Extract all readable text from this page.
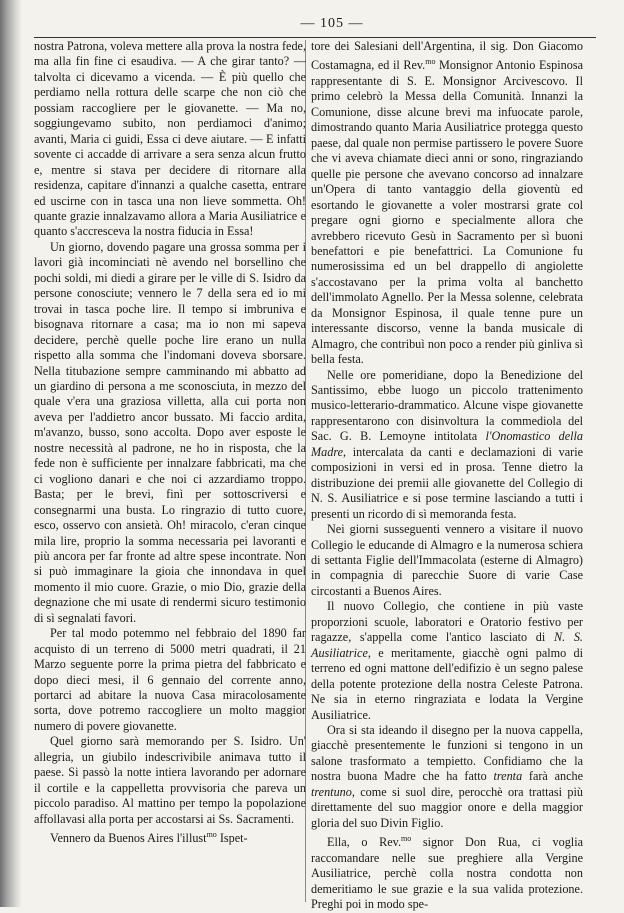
— 105 —

nostra Patrona, voleva mettere alla prova la nostra fede, ma alla fin fine ci esaudiva. — A che girar tanto? — talvolta ci dicevamo a vicenda. — È più quello che perdiamo nella rottura delle scarpe che non ciò che possiam raccogliere per le giovanette. — Ma no, soggiungevamo subito, non perdiamoci d'animo; avanti, Maria ci guidi, Essa ci deve aiutare. — E infatti sovente ci accadde di arrivare a sera senza alcun frutto e, mentre si stava per decidere di ritornare alla residenza, capitare d'innanzi a qualche casetta, entrare ed uscirne con in tasca una non lieve sommetta. Oh! quante grazie innalzavamo allora a Maria Ausiliatrice e quanto s'accresceva la nostra fiducia in Essa!

Un giorno, dovendo pagare una grossa somma per i lavori già incominciati nè avendo nel borsellino che pochi soldi, mi diedi a girare per le ville di S. Isidro da persone conosciute; vennero le 7 della sera ed io mi trovai in tasca poche lire. Il tempo si imbruniva e bisognava ritornare a casa; ma io non mi sapeva decidere, perchè quelle poche lire erano un nulla rispetto alla somma che l'indomani doveva sborsare. Nella titubazione sempre camminando mi abbatto ad un giardino di persona a me sconosciuta, in mezzo del quale v'era una graziosa villetta, alla cui porta non aveva per l'addietro ancor bussato. Mi faccio ardita, m'avanzo, busso, sono accolta. Dopo aver esposte le nostre necessità al padrone, ne ho in risposta, che la fede non è sufficiente per innalzare fabbricati, ma che ci vogliono danari e che noi ci azzardiamo troppo. Basta; per le brevi, finì per sottoscriversi e consegnarmi una busta. Lo ringrazio di tutto cuore, esco, osservo con ansietà. Oh! miracolo, c'eran cinque mila lire, proprio la somma necessaria pei lavoranti e più ancora per far fronte ad altre spese incontrate. Non si può immaginare la gioia che innondava in quel momento il mio cuore. Grazie, o mio Dio, grazie della degnazione che mi usate di rendermi sicuro testimonio di sì segnalati favori.

Per tal modo potemmo nel febbraio del 1890 far acquisto di un terreno di 5000 metri quadrati, il 21 Marzo seguente porre la prima pietra del fabbricato e dopo dieci mesi, il 6 gennaio del corrente anno, portarci ad abitare la nuova Casa miracolosamente sorta, dove potremo raccogliere un molto maggior numero di povere giovanette.

Quel giorno sarà memorando per S. Isidro. Un' allegria, un giubilo indescrivibile animava tutto il paese. Si passò la notte intiera lavorando per adornare il cortile e la cappelletta provvisoria che pareva un piccolo paradiso. Al mattino per tempo la popolazione affollavasi alla porta per accostarsi ai Ss. Sacramenti.

Vennero da Buenos Aires l'illust$^{mo}$ Ispet-

tore dei Salesiani dell'Argentina, il sig. Don Giacomo Costamagna, ed il Rev.$^{mo}$ Monsignor Antonio Espinosa rappresentante di S. E. Monsignor Arcivescovo. Il primo celebrò la Messa della Comunità. Innanzi la Comunione, disse alcune brevi ma infuocate parole, dimostrando quanto Maria Ausiliatrice protegga questo paese, dal quale non permise partissero le povere Suore che vi aveva chiamate dieci anni or sono, ringraziando quelle pie persone che avevano concorso ad innalzare un'Opera di tanto vantaggio della gioventù ed esortando le giovanette a voler mostrarsi grate col pregare ogni giorno e specialmente allora che avrebbero ricevuto Gesù in Sacramento per sì buoni benefattori e pie benefattrici. La Comunione fu numerosissima ed un bel drappello di angiolette s'accostavano per la prima volta al banchetto dell'immolato Agnello. Per la Messa solenne, celebrata da Monsignor Espinosa, il quale tenne pure un interessante discorso, venne la banda musicale di Almagro, che contribuì non poco a render più ginliva sì bella festa.

Nelle ore pomeridiane, dopo la Benedizione del Santissimo, ebbe luogo un piccolo trattenimento musico-letterario-drammatico. Alcune vispe giovanette rappresentarono con disinvoltura la commediola del Sac. G. B. Lemoyne intitolata l'Onomastico della Madre, intercalata da canti e declamazioni di varie composizioni in versi ed in prosa. Tenne dietro la distribuzione dei premii alle giovanette del Collegio di N. S. Ausiliatrice e si pose termine lasciando a tutti i presenti un ricordo di sì memoranda festa.

Nei giorni susseguenti vennero a visitare il nuovo Collegio le educande di Almagro e la numerosa schiera di settanta Figlie dell'Immacolata (esterne di Almagro) in compagnia di parecchie Suore di varie Case circostanti a Buenos Aires.

Il nuovo Collegio, che contiene in più vaste proporzioni scuole, laboratori e Oratorio festivo per ragazze, s'appella come l'antico lasciato di N. S. Ausiliatrice, e meritamente, giacchè ogni palmo di terreno ed ogni mattone dell'edifizio è un segno palese della potente protezione della nostra Celeste Patrona. Ne sia in eterno ringraziata e lodata la Vergine Ausiliatrice.

Ora si sta ideando il disegno per la nuova cappella, giacchè presentemente le funzioni si tengono in un salone trasformato a tempietto. Confidiamo che la nostra buona Madre che ha fatto trenta farà anche trentuno, come si suol dire, perocchè ora trattasi più direttamente del suo maggior onore e della maggior gloria del suo Divin Figlio.

Ella, o Rev.$^{mo}$ signor Don Rua, ci voglia raccomandare nelle sue preghiere alla Vergine Ausiliatrice, perchè colla nostra condotta non demeritiamo le sue grazie e la sua valida protezione. Preghi poi in modo spe-
